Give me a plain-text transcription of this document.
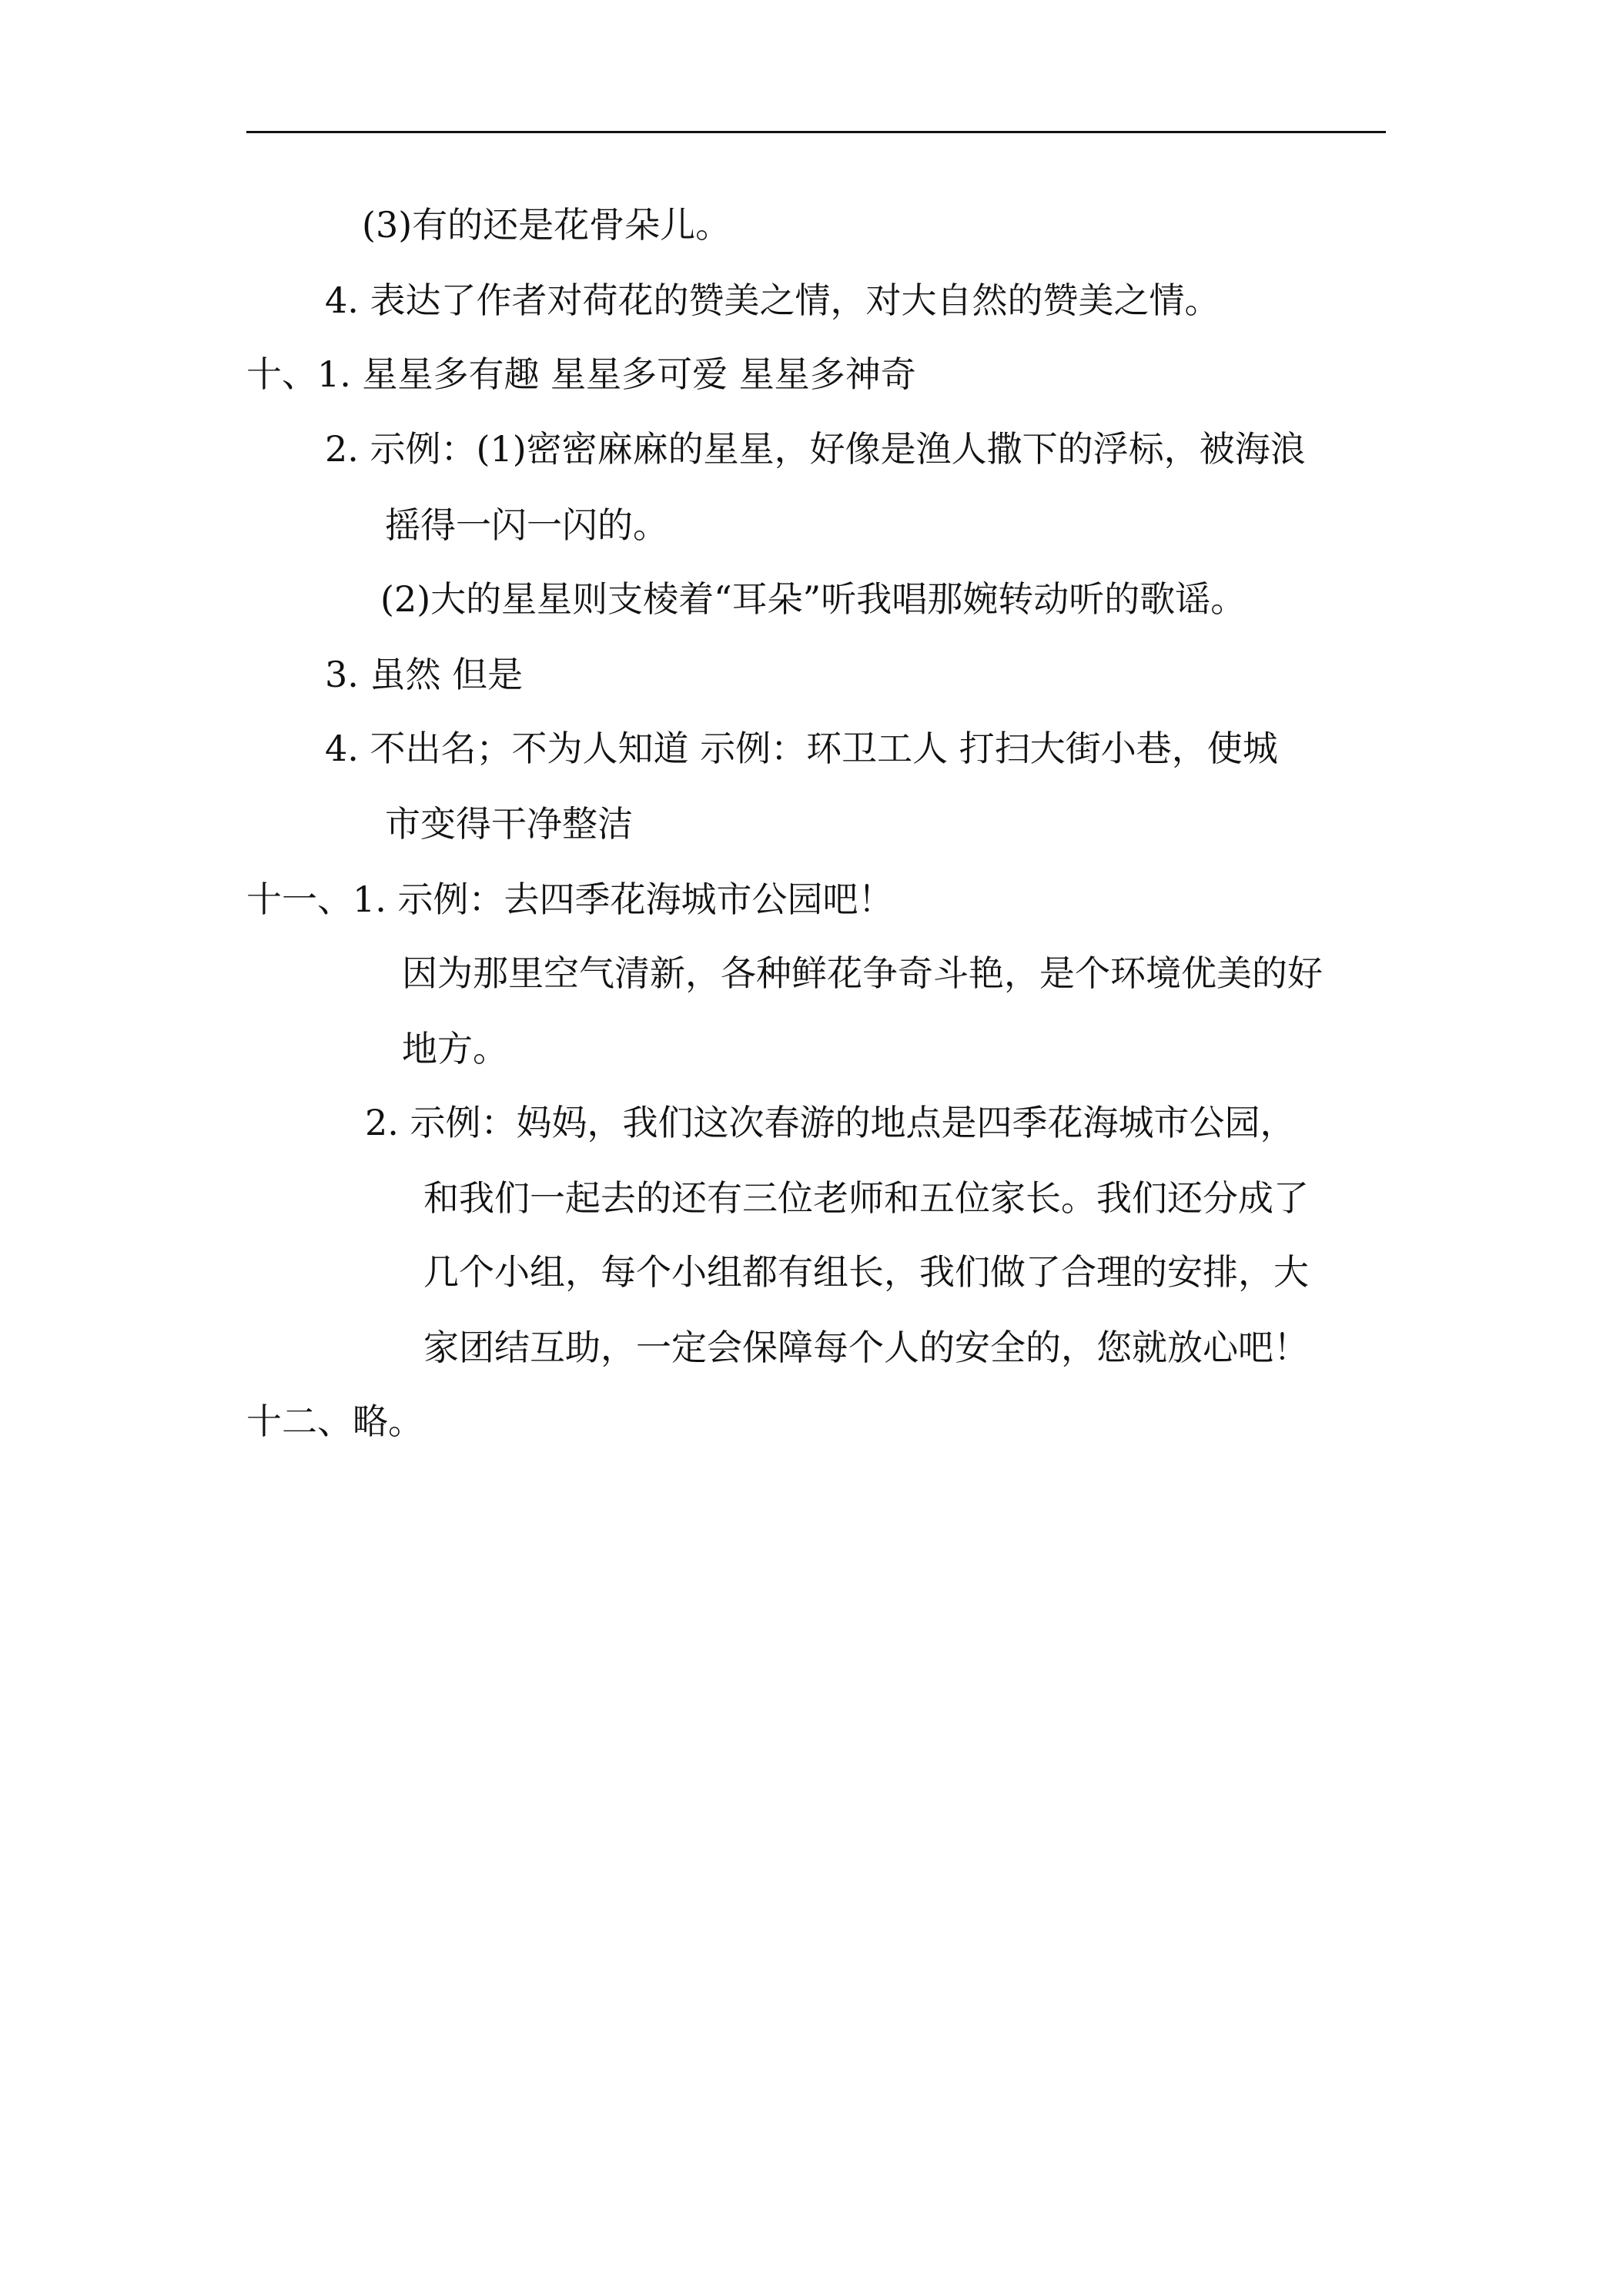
(3)有的还是花骨朵儿。
4. 表达了作者对荷花的赞美之情，对大自然的赞美之情。
十、1. 星星多有趣 星星多可爱 星星多神奇
2. 示例：(1)密密麻麻的星星，好像是渔人撒下的浮标，被海浪
摇得一闪一闪的。
(2)大的星星则支棱着“耳朵”听我唱那婉转动听的歌谣。
3. 虽然 但是
4. 不出名；不为人知道 示例：环卫工人 打扫大街小巷，使城
市变得干净整洁
十一、1. 示例：去四季花海城市公园吧！
因为那里空气清新，各种鲜花争奇斗艳，是个环境优美的好
地方。
2. 示例：妈妈，我们这次春游的地点是四季花海城市公园，
和我们一起去的还有三位老师和五位家长。我们还分成了
几个小组，每个小组都有组长，我们做了合理的安排，大
家团结互助，一定会保障每个人的安全的，您就放心吧！
十二、略。
